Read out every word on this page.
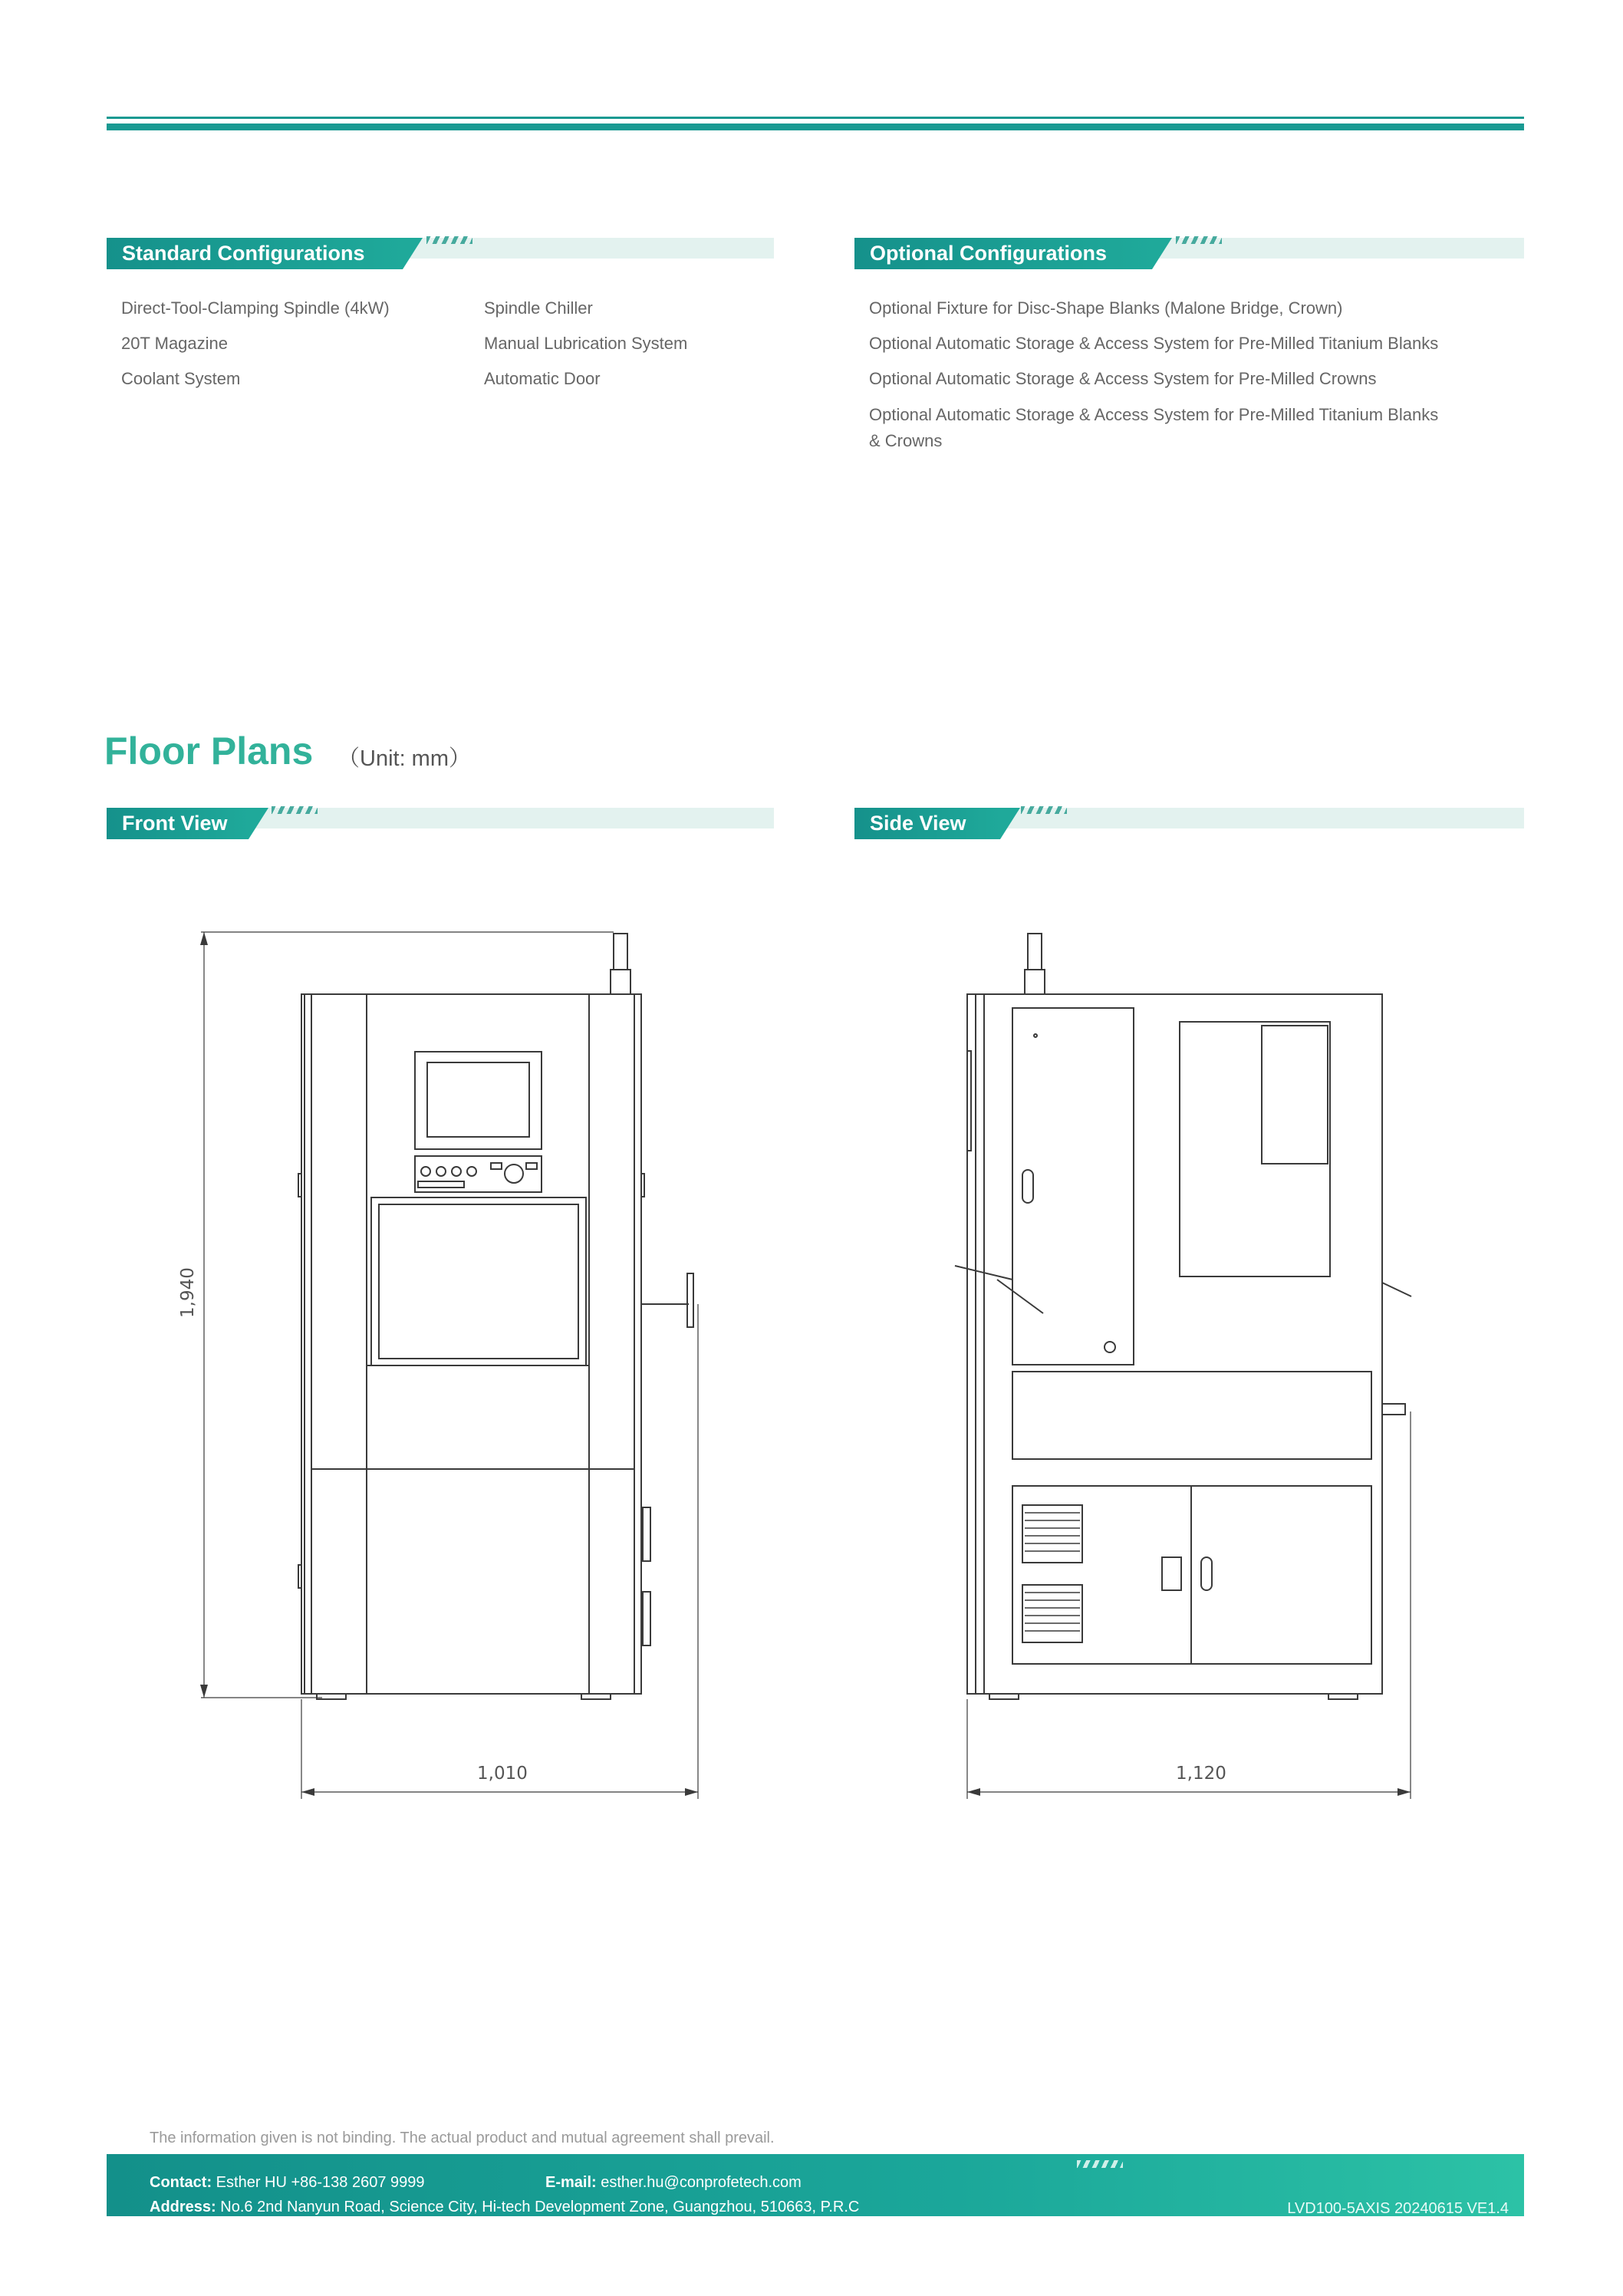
Standard Configurations	Optional Configurations
Direct-Tool-Clamping Spindle (4kW)
20T Magazine
Coolant System
Spindle Chiller
Manual Lubrication System
Automatic Door
Optional Fixture for Disc-Shape Blanks (Malone Bridge, Crown)
Optional Automatic Storage & Access System for Pre-Milled Titanium Blanks
Optional Automatic Storage & Access System for Pre-Milled Crowns
Optional Automatic Storage & Access System for Pre-Milled Titanium Blanks
& Crowns
Floor Plans （Unit: mm）
Front View	Side View
1,940
1,010	1,120
The information given is not binding. The actual product and mutual agreement shall prevail.
Contact: Esther HU +86-138 2607 9999	E-mail: esther.hu@conprofetech.com
Address: No.6 2nd Nanyun Road, Science City, Hi-tech Development Zone, Guangzhou, 510663, P.R.C	LVD100-5AXIS 20240615 VE1.4
